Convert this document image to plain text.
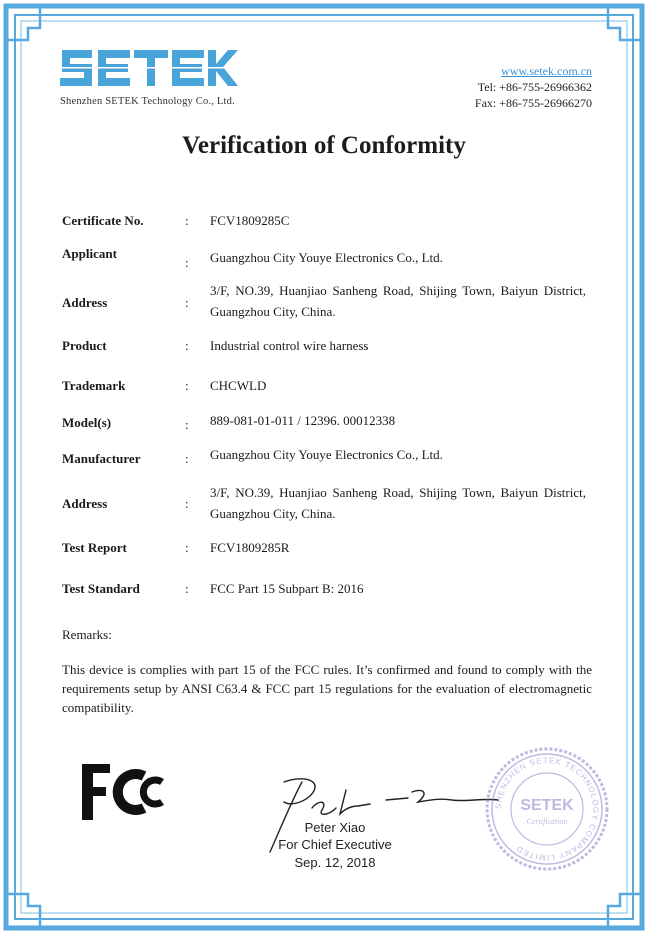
Shenzhen SETEK Technology Co., Ltd.
www.setek.com.cn
Tel: +86-755-26966362
Fax: +86-755-26966270
Verification of Conformity
Certificate No.	: FCV1809285C
Applicant
: Guangzhou City Youye Electronics Co., Ltd.
Address	:
3/F, NO.39, Huanjiao Sanheng Road, Shijing Town, Baiyun District, Guangzhou City, China.
Product	: Industrial control wire harness
Trademark	: CHCWLD
Model(s)	: 889-081-01-011 / 12396. 00012338
Manufacturer	: Guangzhou City Youye Electronics Co., Ltd.
Address	:
3/F, NO.39, Huanjiao Sanheng Road, Shijing Town, Baiyun District, Guangzhou City, China.
Test Report	: FCV1809285R
Test Standard	: FCC Part 15 Subpart B: 2016
Remarks:
This device is complies with part 15 of the FCC rules. It’s confirmed and found to comply with the requirements setup by ANSI C63.4 & FCC part 15 regulations for the evaluation of electromagnetic compatibility.
Peter Xiao
For Chief Executive
Sep. 12, 2018
SHENZHEN SETEK TECHNOLOGY COMPANY LIMITED
SETEK
Certification
